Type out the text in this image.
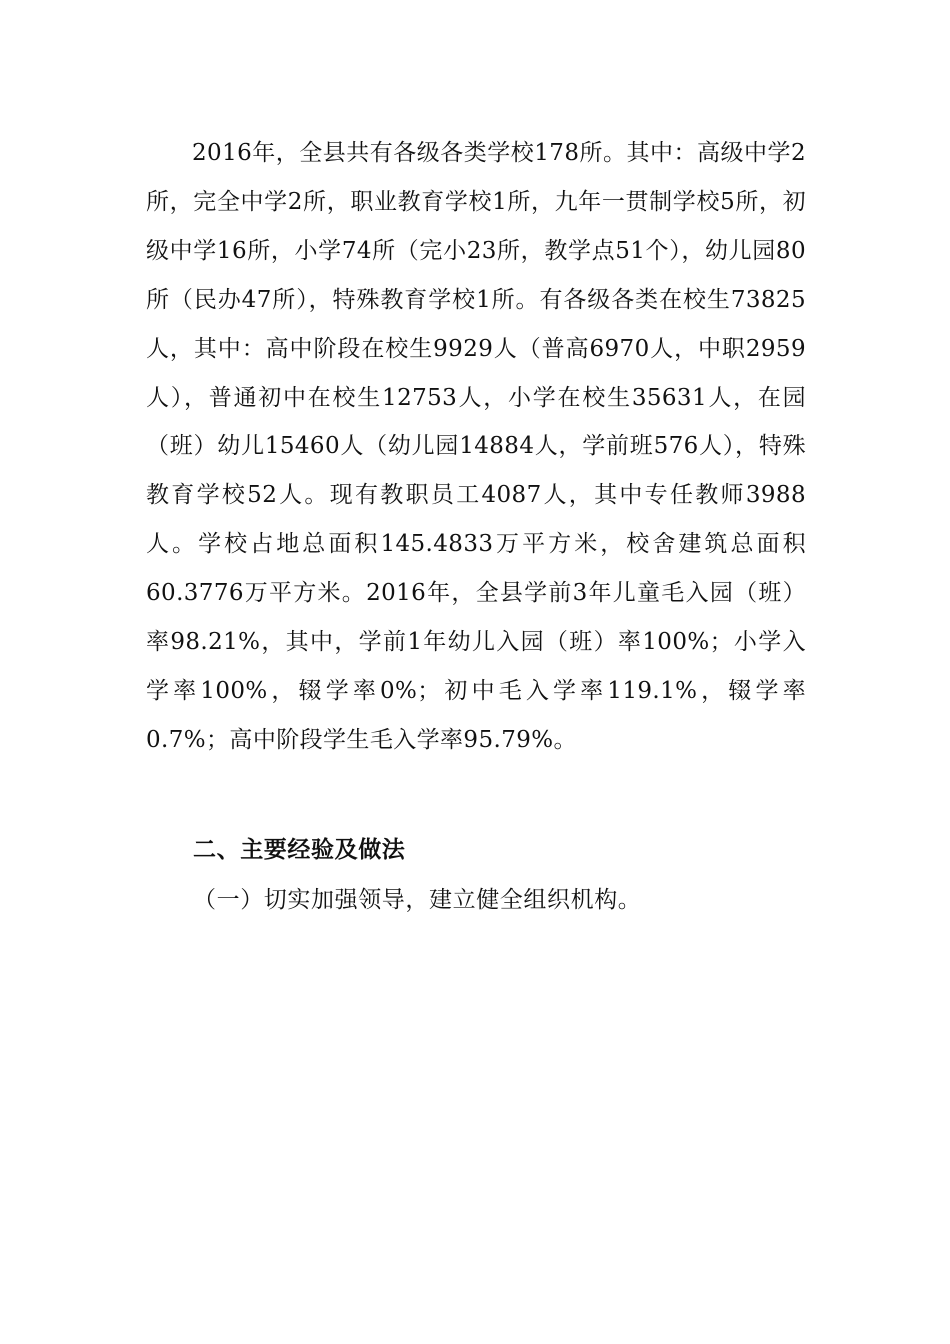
2016年，全县共有各级各类学校178所。其中：高级中学2所，完全中学2所，职业教育学校1所，九年一贯制学校5所，初级中学16所，小学74所（完小23所，教学点51个），幼儿园80所（民办47所），特殊教育学校1所。有各级各类在校生73825人，其中：高中阶段在校生9929人（普高6970人，中职2959人），普通初中在校生12753人，小学在校生35631人，在园（班）幼儿15460人（幼儿园14884人，学前班576人），特殊教育学校52人。现有教职员工4087人，其中专任教师3988人。学校占地总面积145.4833万平方米，校舍建筑总面积60.3776万平方米。2016年，全县学前3年儿童毛入园（班）率98.21%，其中，学前1年幼儿入园（班）率100%；小学入学率100%，辍学率0%；初中毛入学率119.1%，辍学率0.7%；高中阶段学生毛入学率95.79%。

二、主要经验及做法

（一）切实加强领导，建立健全组织机构。
